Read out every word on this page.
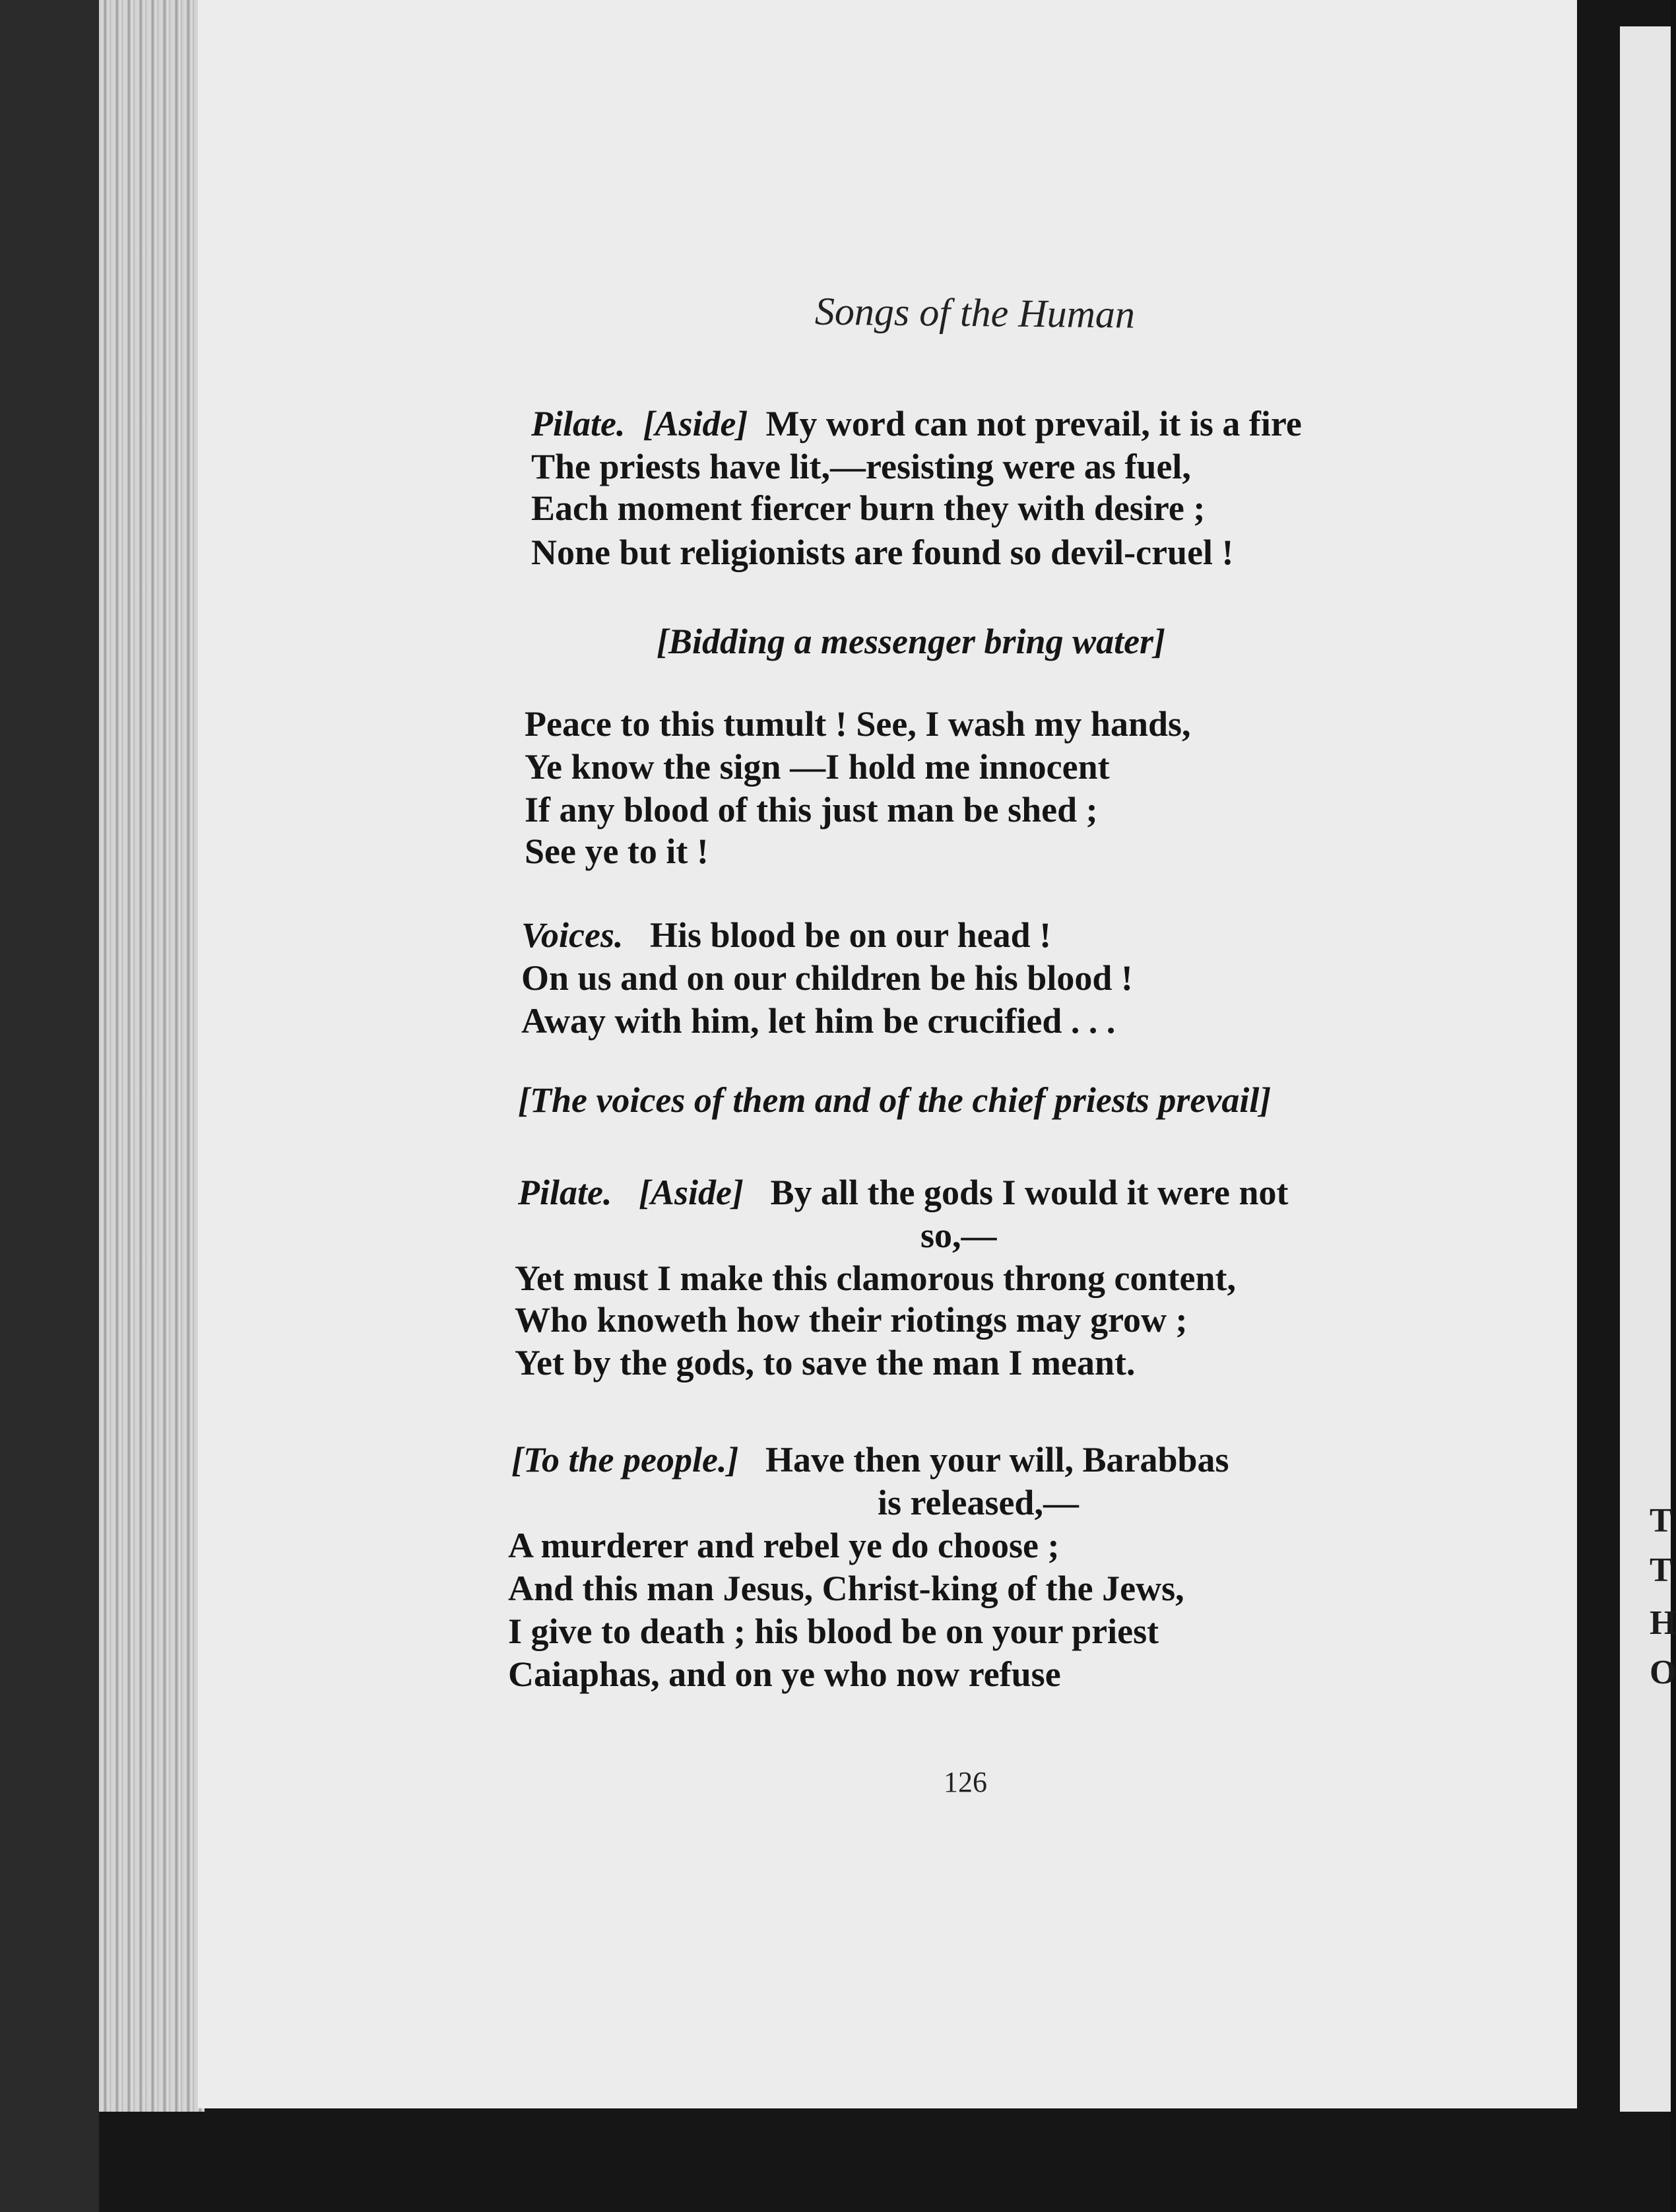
T
T
H
O
Songs of the Human
Pilate. [Aside] My word can not prevail, it is a fire
The priests have lit,—resisting were as fuel,
Each moment fiercer burn they with desire ;
None but religionists are found so devil-cruel !
[Bidding a messenger bring water]
Peace to this tumult ! See, I wash my hands,
Ye know the sign —I hold me innocent
If any blood of this just man be shed ;
See ye to it !
Voices. His blood be on our head !
On us and on our children be his blood !
Away with him, let him be crucified . . .
[The voices of them and of the chief priests prevail]
Pilate. [Aside] By all the gods I would it were not
so,—
Yet must I make this clamorous throng content,
Who knoweth how their riotings may grow ;
Yet by the gods, to save the man I meant.
[To the people.] Have then your will, Barabbas
is released,—
A murderer and rebel ye do choose ;
And this man Jesus, Christ-king of the Jews,
I give to death ; his blood be on your priest
Caiaphas, and on ye who now refuse
126
